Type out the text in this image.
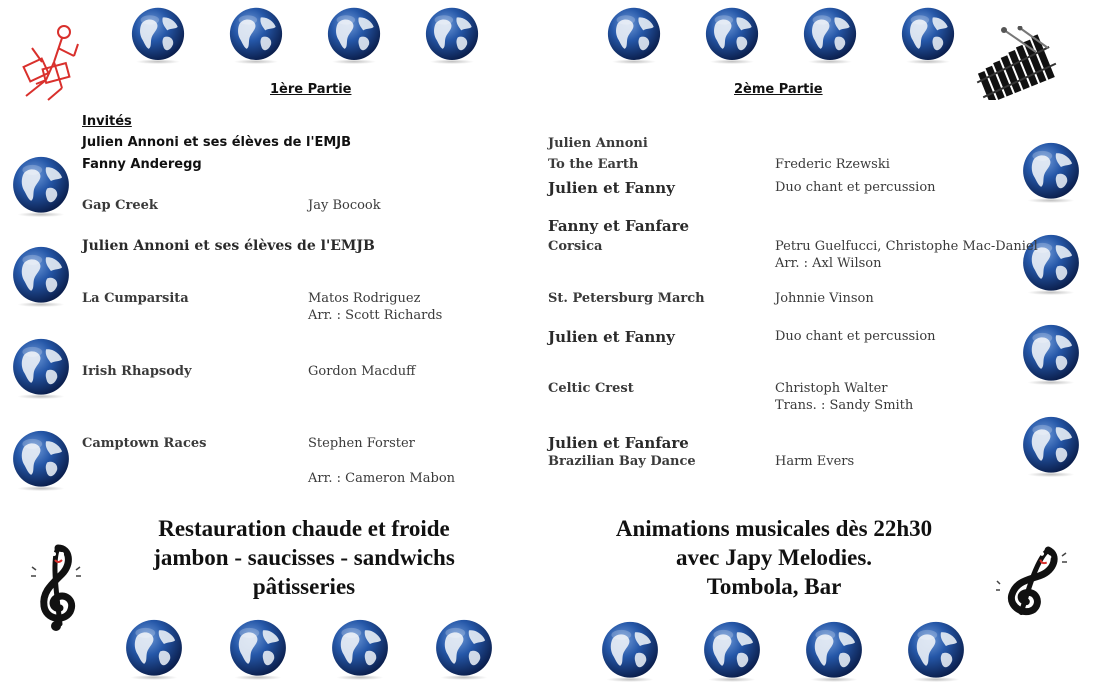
1ère Partie
Invités
Julien Annoni et ses élèves de l'EMJB
Fanny Anderegg
Gap Creek	Jay Bocook
Julien Annoni et ses élèves de l'EMJB
La Cumparsita	Matos Rodriguez
Arr. : Scott Richards
Irish Rhapsody	Gordon Macduff
Camptown Races	Stephen Forster
Arr. : Cameron Mabon
2ème Partie
Julien Annoni
To the Earth	Frederic Rzewski
Julien et Fanny	Duo chant et percussion
Fanny et Fanfare
Corsica	Petru Guelfucci, Christophe Mac-Daniel
Arr. : Axl Wilson
St. Petersburg March	Johnnie Vinson
Julien et Fanny	Duo chant et percussion
Celtic Crest	Christoph Walter
Trans. : Sandy Smith
Julien et Fanfare
Brazilian Bay Dance	Harm Evers
Restauration chaude et froide
jambon - saucisses - sandwichs
pâtisseries
Animations musicales dès 22h30
avec Japy Melodies.
Tombola, Bar
